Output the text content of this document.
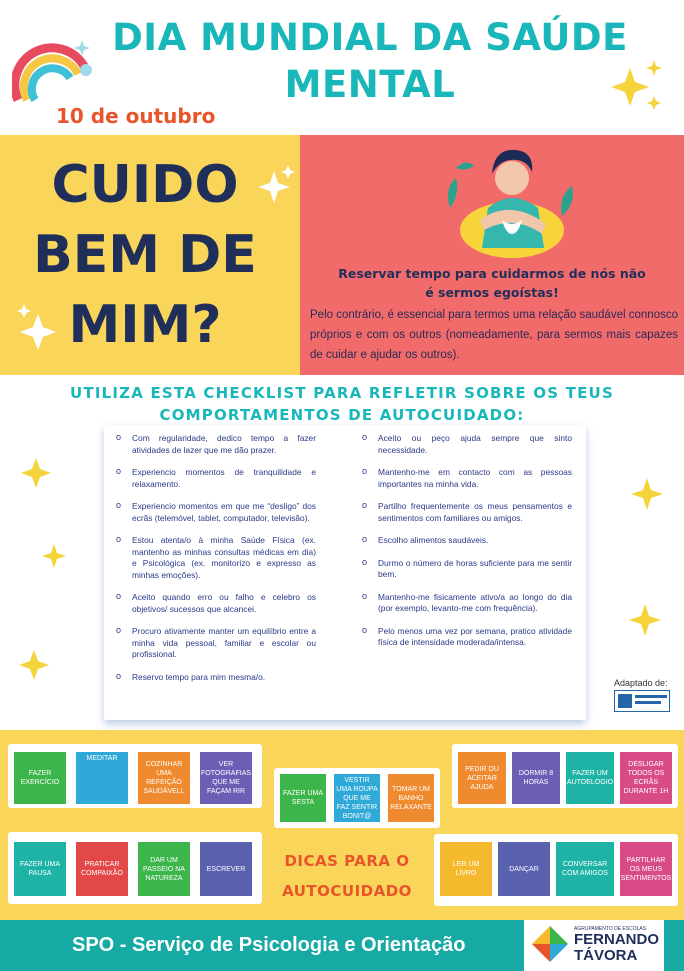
DIA MUNDIAL DA SAÚDE
MENTAL
10 de outubro
CUIDO
BEM DE
MIM?
Reservar tempo para cuidarmos de nós não
é sermos egoístas!
Pelo contrário, é essencial para termos uma relação saudável connosco próprios e com os outros (nomeadamente, para sermos mais capazes de cuidar e ajudar os outros).
UTILIZA ESTA CHECKLIST PARA REFLETIR SOBRE OS TEUS
COMPORTAMENTOS DE AUTOCUIDADO:
o Com regularidade, dedico tempo a fazer atividades de lazer que me dão prazer.
o Experiencio momentos de tranquilidade e relaxamento.
o Experiencio momentos em que me “desligo” dos ecrãs (telemóvel, tablet, computador, televisão).
o Estou atenta/o à minha Saúde Física (ex. mantenho as minhas consultas médicas em dia) e Psicológica (ex. monitorizo e expresso as minhas emoções).
o Aceito quando erro ou falho e celebro os objetivos/ sucessos que alcancei.
o Procuro ativamente manter um equilíbrio entre a minha vida pessoal, familiar e escolar ou profissional.
o Reservo tempo para mim mesma/o.
o Aceito ou peço ajuda sempre que sinto necessidade.
o Mantenho-me em contacto com as pessoas importantes na minha vida.
o Partilho frequentemente os meus pensamentos e sentimentos com familiares ou amigos.
o Escolho alimentos saudáveis.
o Durmo o número de horas suficiente para me sentir bem.
o Mantenho-me fisicamente ativo/a ao longo do dia (por exemplo, levanto-me com frequência).
o Pelo menos uma vez por semana, pratico atividade física de intensidade moderada/intensa.
Adaptado de:
FAZER EXERCÍCIO
MEDITAR
COZINHAR UMA REFEIÇÃO SAUDÁVELL
VER FOTOGRAFIAS QUE ME FAÇAM RIR	FAZER UMA SESTA
VESTIR UMA ROUPA QUE ME FAZ SENTIR BONIT@
TOMAR UM BANHO RELAXANTE
PEDIR OU ACEITAR AJUDA
DORMIR 8 HORAS
FAZER UM AUTOELOGIO
DESLIGAR TODOS OS ECRÃS DURANTE 1H
FAZER UMA PAUSA
PRATICAR COMPAIXÃO
DAR UM PASSEIO NA NATUREZA
ESCREVER	DICAS PARA O
AUTOCUIDADO
LER UM LIVRO
DANÇAR
CONVERSAR COM AMIGOS
PARTILHAR OS MEUS SENTIMENTOS
SPO - Serviço de Psicologia e Orientação
AGRUPAMENTO DE ESCOLAS
FERNANDO
TÁVORA
